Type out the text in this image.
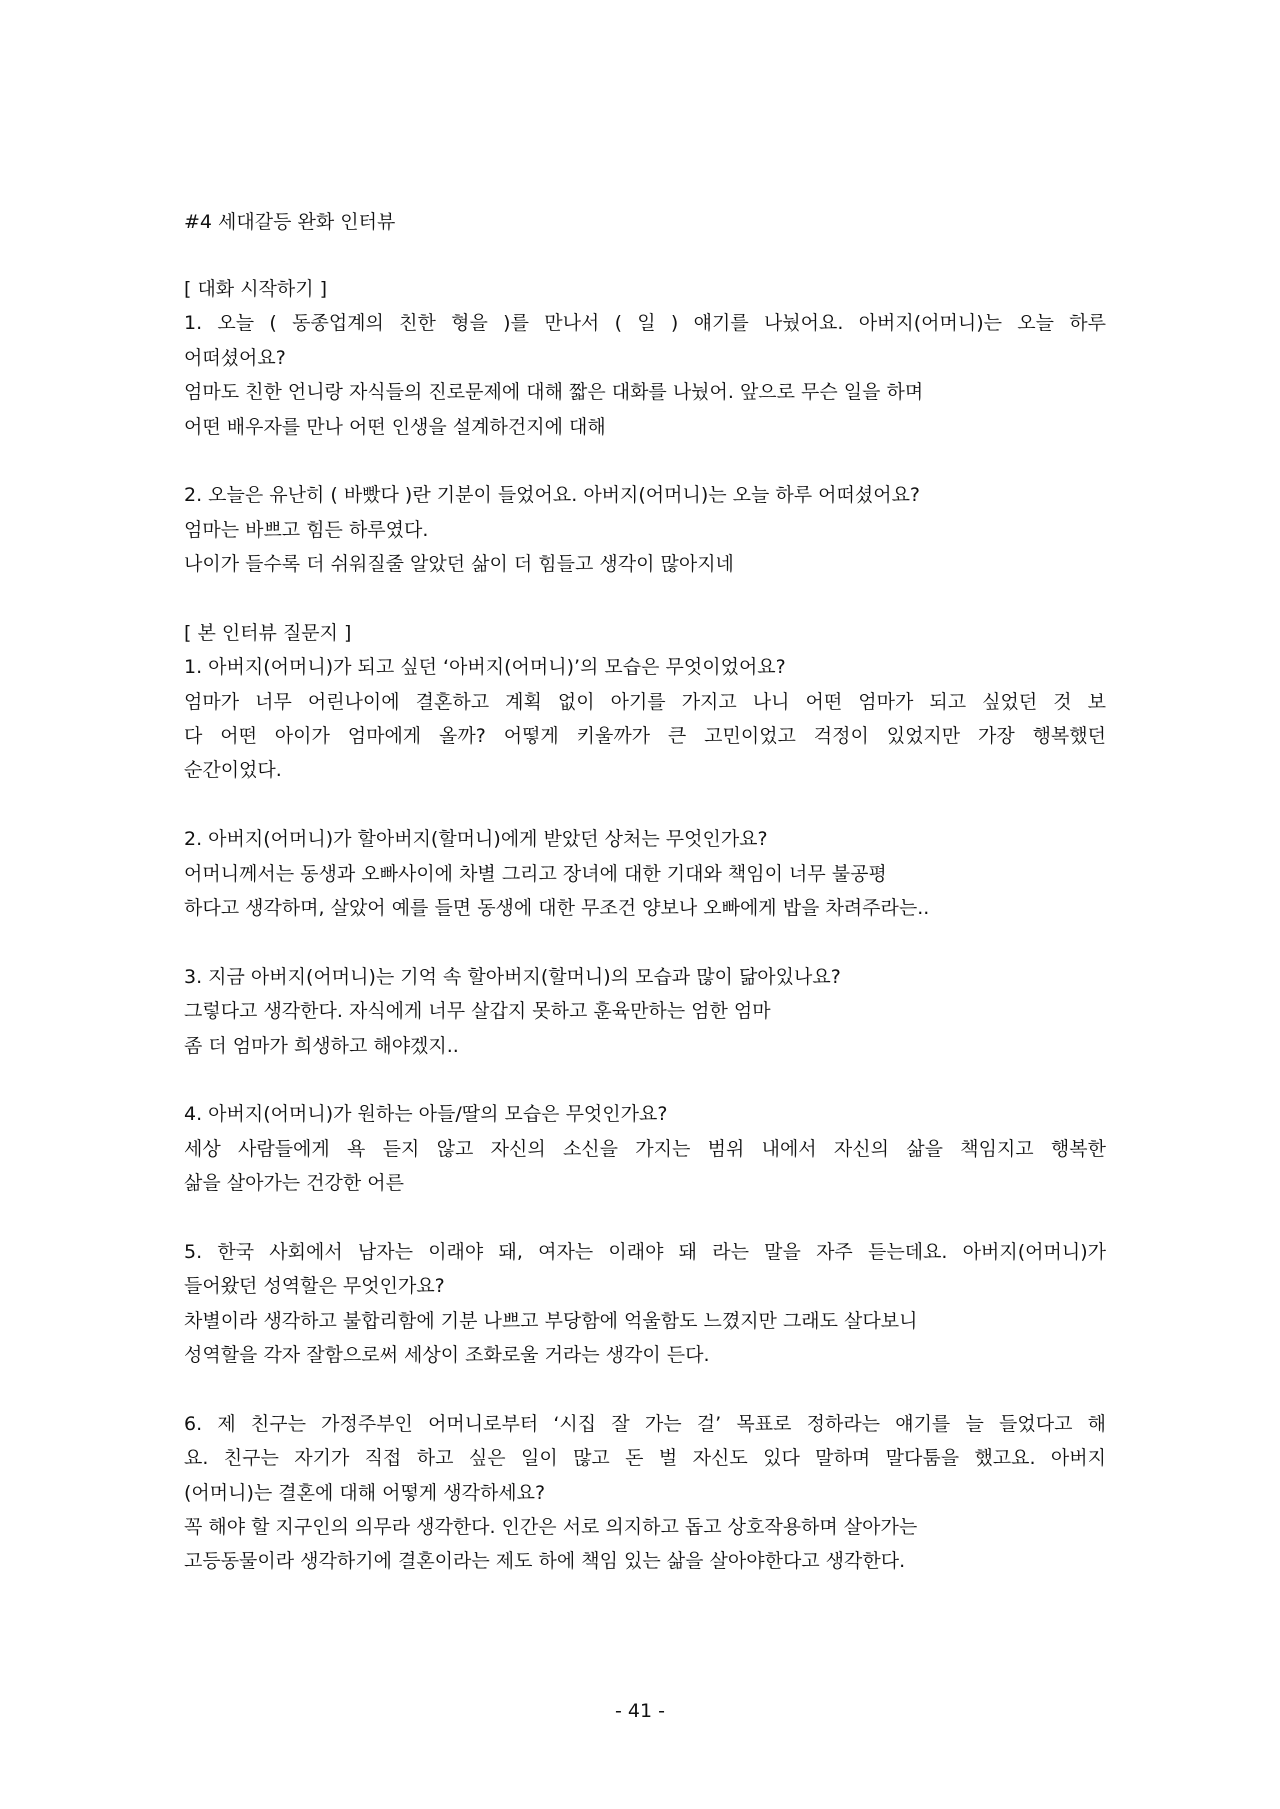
#4 세대갈등 완화 인터뷰
[ 대화 시작하기 ]
1. 오늘 ( 동종업계의 친한 형을 )를 만나서 ( 일 ) 얘기를 나눴어요. 아버지(어머니)는 오늘 하루
어떠셨어요?
엄마도 친한 언니랑 자식들의 진로문제에 대해 짧은 대화를 나눴어. 앞으로 무슨 일을 하며
어떤 배우자를 만나 어떤 인생을 설계하건지에 대해
2. 오늘은 유난히 ( 바빴다 )란 기분이 들었어요. 아버지(어머니)는 오늘 하루 어떠셨어요?
엄마는 바쁘고 힘든 하루였다.
나이가 들수록 더 쉬워질줄 알았던 삶이 더 힘들고 생각이 많아지네
[ 본 인터뷰 질문지 ]
1. 아버지(어머니)가 되고 싶던 ‘아버지(어머니)’의 모습은 무엇이었어요?
엄마가 너무 어린나이에 결혼하고 계획 없이 아기를 가지고 나니 어떤 엄마가 되고 싶었던 것 보
다 어떤 아이가 엄마에게 올까? 어떻게 키울까가 큰 고민이었고 걱정이 있었지만 가장 행복했던
순간이었다.
2. 아버지(어머니)가 할아버지(할머니)에게 받았던 상처는 무엇인가요?
어머니께서는 동생과 오빠사이에 차별 그리고 장녀에 대한 기대와 책임이 너무 불공평
하다고 생각하며, 살았어 예를 들면 동생에 대한 무조건 양보나 오빠에게 밥을 차려주라는..
3. 지금 아버지(어머니)는 기억 속 할아버지(할머니)의 모습과 많이 닮아있나요?
그렇다고 생각한다. 자식에게 너무 살갑지 못하고 훈육만하는 엄한 엄마
좀 더 엄마가 희생하고 해야겠지..
4. 아버지(어머니)가 원하는 아들/딸의 모습은 무엇인가요?
세상 사람들에게 욕 듣지 않고 자신의 소신을 가지는 범위 내에서 자신의 삶을 책임지고 행복한
삶을 살아가는 건강한 어른
5. 한국 사회에서 남자는 이래야 돼, 여자는 이래야 돼 라는 말을 자주 듣는데요. 아버지(어머니)가
들어왔던 성역할은 무엇인가요?
차별이라 생각하고 불합리함에 기분 나쁘고 부당함에 억울함도 느꼈지만 그래도 살다보니
성역할을 각자 잘함으로써 세상이 조화로울 거라는 생각이 든다.
6. 제 친구는 가정주부인 어머니로부터 ‘시집 잘 가는 걸’ 목표로 정하라는 얘기를 늘 들었다고 해
요. 친구는 자기가 직접 하고 싶은 일이 많고 돈 벌 자신도 있다 말하며 말다툼을 했고요. 아버지
(어머니)는 결혼에 대해 어떻게 생각하세요?
꼭 해야 할 지구인의 의무라 생각한다. 인간은 서로 의지하고 돕고 상호작용하며 살아가는
고등동물이라 생각하기에 결혼이라는 제도 하에 책임 있는 삶을 살아야한다고 생각한다.
- 41 -
